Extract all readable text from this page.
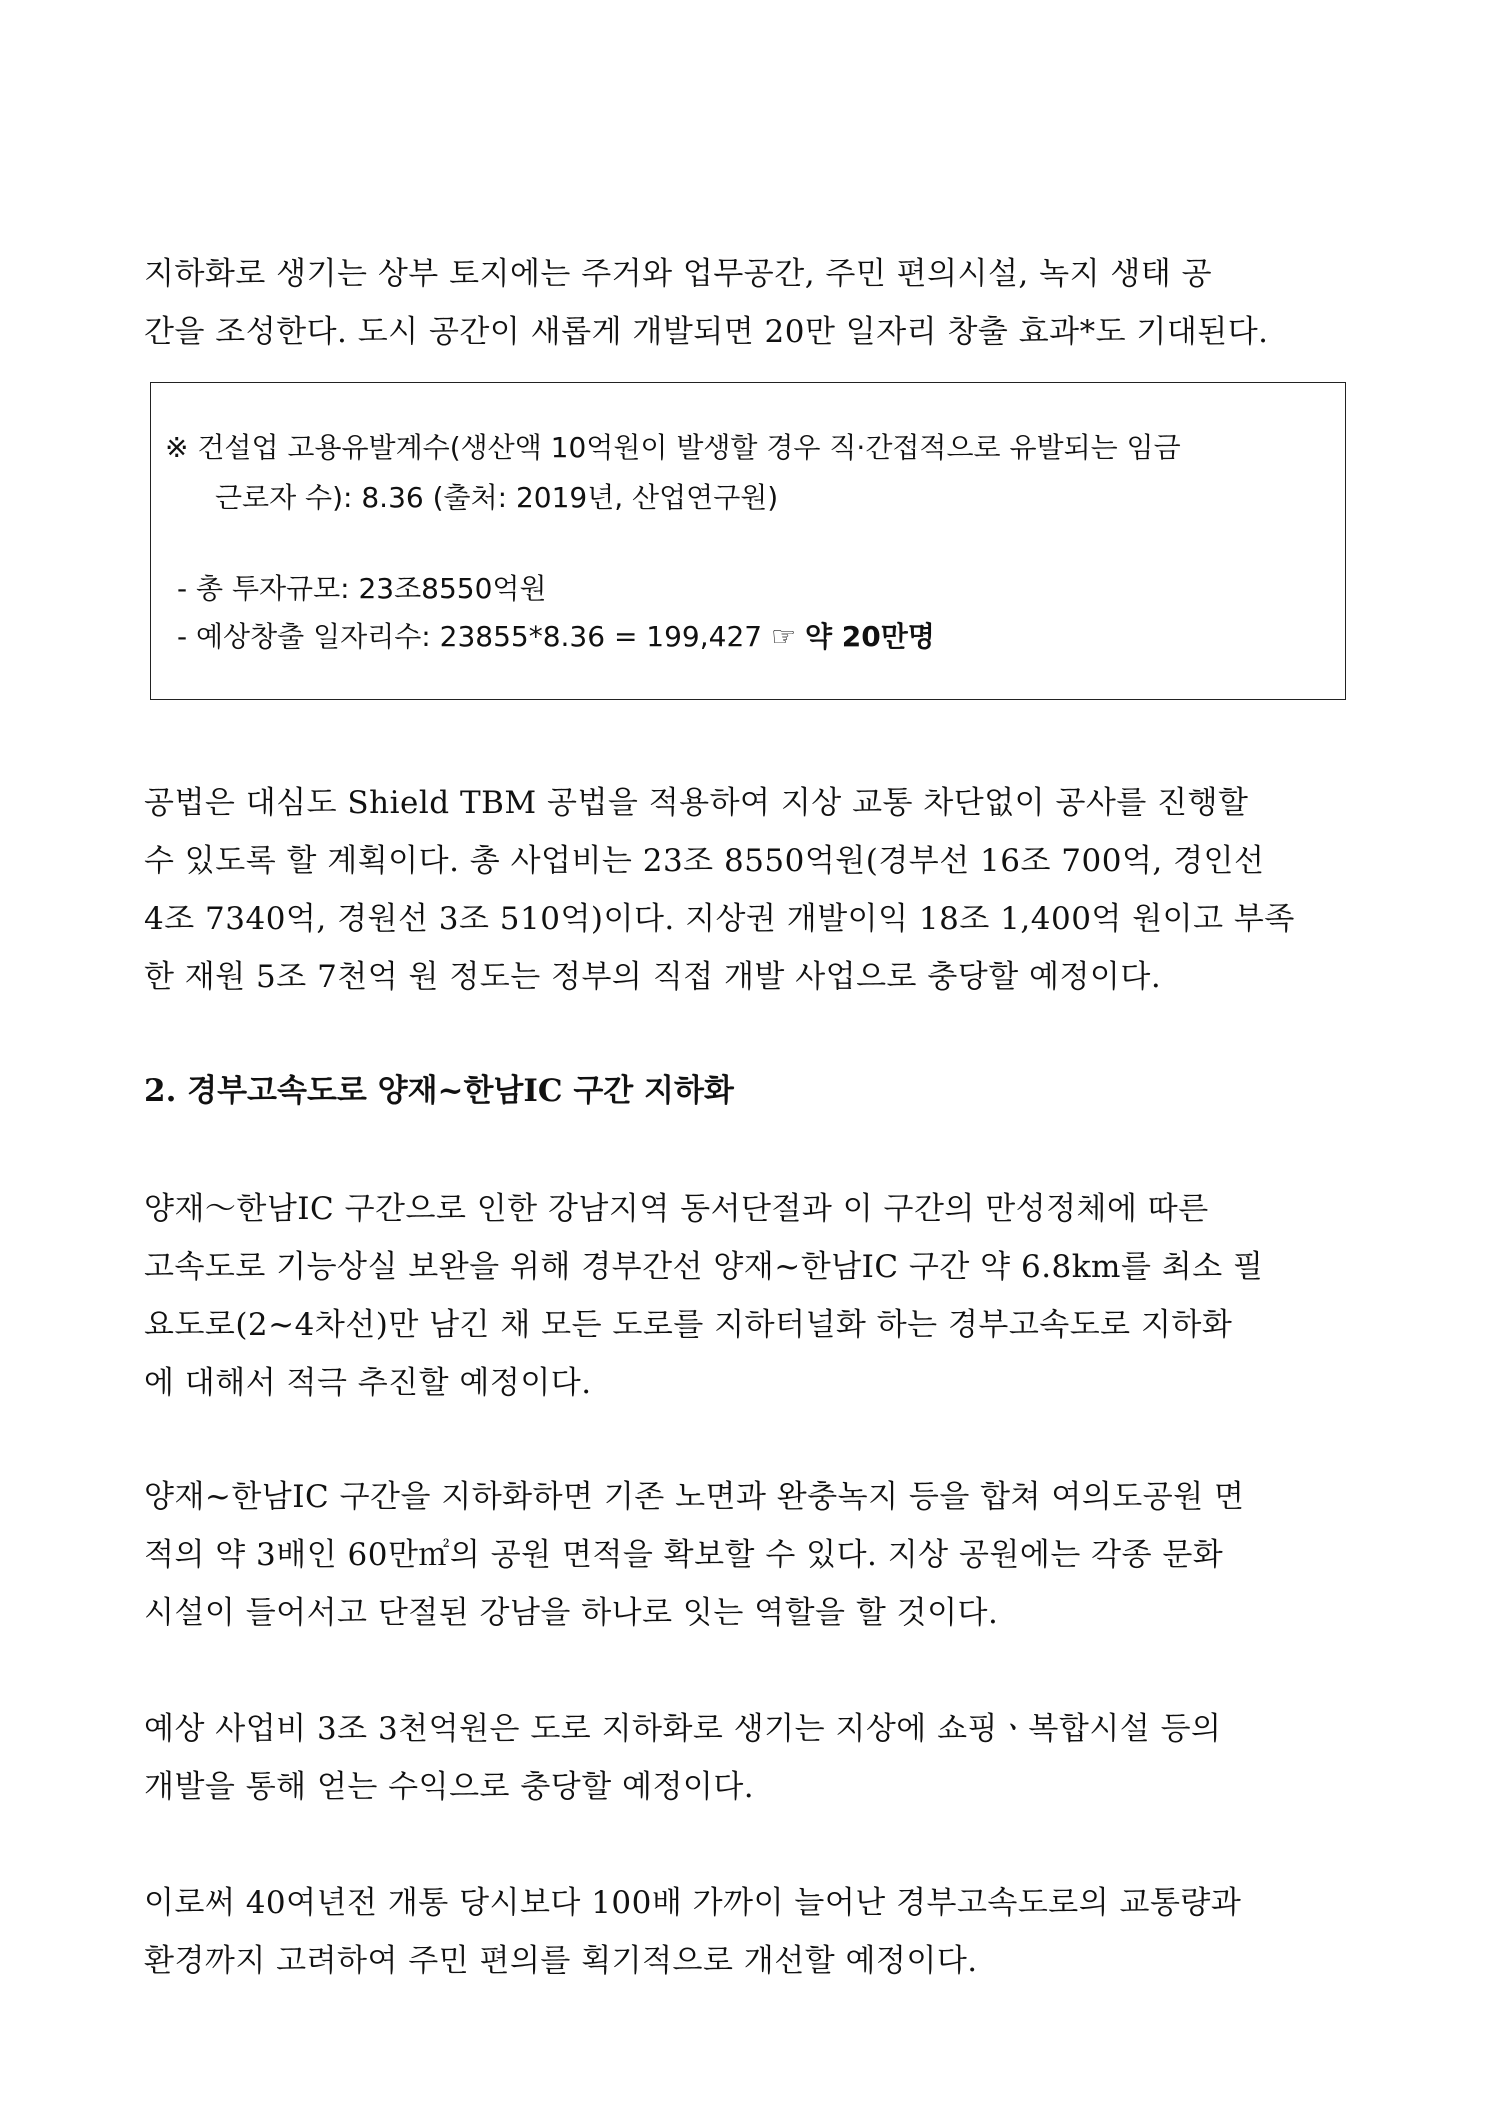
지하화로 생기는 상부 토지에는 주거와 업무공간, 주민 편의시설, 녹지 생태 공
간을 조성한다. 도시 공간이 새롭게 개발되면 20만 일자리 창출 효과*도 기대된다.
※ 건설업 고용유발계수(생산액 10억원이 발생할 경우 직·간접적으로 유발되는 임금
근로자 수): 8.36 (출처: 2019년, 산업연구원)
- 총 투자규모: 23조8550억원
- 예상창출 일자리수: 23855*8.36 = 199,427 ☞ 약 20만명
공법은 대심도 Shield TBM 공법을 적용하여 지상 교통 차단없이 공사를 진행할
수 있도록 할 계획이다. 총 사업비는 23조 8550억원(경부선 16조 700억, 경인선
4조 7340억, 경원선 3조 510억)이다. 지상권 개발이익 18조 1,400억 원이고 부족
한 재원 5조 7천억 원 정도는 정부의 직접 개발 사업으로 충당할 예정이다.
2. 경부고속도로 양재~한남IC 구간 지하화
양재～한남IC 구간으로 인한 강남지역 동서단절과 이 구간의 만성정체에 따른
고속도로 기능상실 보완을 위해 경부간선 양재~한남IC 구간 약 6.8km를 최소 필
요도로(2~4차선)만 남긴 채 모든 도로를 지하터널화 하는 경부고속도로 지하화
에 대해서 적극 추진할 예정이다.
양재~한남IC 구간을 지하화하면 기존 노면과 완충녹지 등을 합쳐 여의도공원 면
적의 약 3배인 60만㎡의 공원 면적을 확보할 수 있다. 지상 공원에는 각종 문화
시설이 들어서고 단절된 강남을 하나로 잇는 역할을 할 것이다.
예상 사업비 3조 3천억원은 도로 지하화로 생기는 지상에 쇼핑ㆍ복합시설 등의
개발을 통해 얻는 수익으로 충당할 예정이다.
이로써 40여년전 개통 당시보다 100배 가까이 늘어난 경부고속도로의 교통량과
환경까지 고려하여 주민 편의를 획기적으로 개선할 예정이다.
